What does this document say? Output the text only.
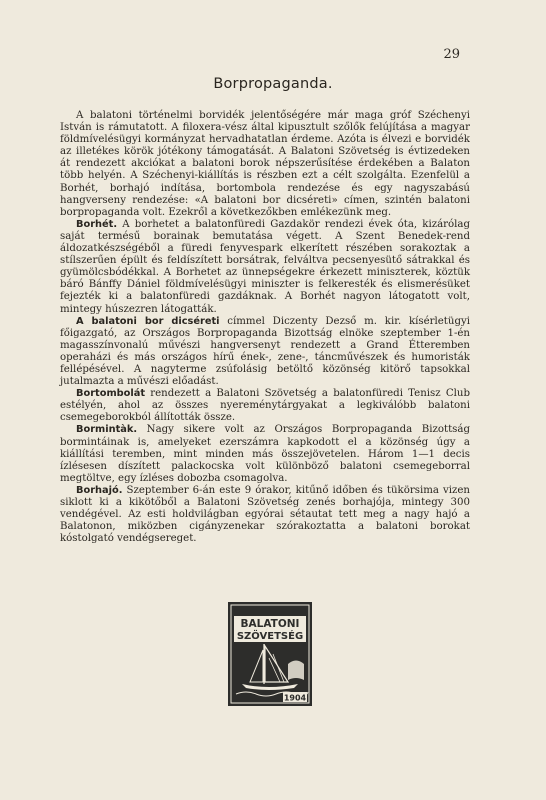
29
Borpropaganda.

A balatoni történelmi borvidék jelentőségére már maga gróf Széchenyi István is rámutatott. A filoxera-vész által kipusztult szőlők felújítása a magyar földmívelésügyi kormányzat hervadhatatlan érdeme. Azóta is élvezi e borvidék az illetékes körök jótékony támogatását. A Balatoni Szövetség is évtizedeken át rendezett akciókat a balatoni borok népszerűsítése érdekében a Balaton több helyén. A Széchenyi-kiállítás is részben ezt a célt szolgálta. Ezenfelül a Borhét, borhajó indítása, bortombola rendezése és egy nagyszabású hangverseny rendezése: «A balatoni bor dicséreti» címen, szintén balatoni borpropaganda volt. Ezekről a következőkben emlékezünk meg.

Borhét. A borhetet a balatonfüredi Gazdakör rendezi évek óta, kizárólag saját termésű borainak bemutatása végett. A Szent Benedek-rend áldozatkészségéből a füredi fenyvespark elkerített részében sorakoztak a stílszerűen épült és feldíszített borsátrak, felváltva pecsenyesütő sátrakkal és gyümölcsbódékkal. A Borhetet az ünnepségekre érkezett miniszterek, köztük báró Bánffy Dániel földmívelésügyi miniszter is felkeresték és elismerésüket fejezték ki a balatonfüredi gazdáknak. A Borhét nagyon látogatott volt, mintegy húszezren látogatták.

A balatoni bor dicséreti címmel Diczenty Dezső m. kir. kísérletügyi főigazgató, az Országos Borpropaganda Bizottság elnöke szeptember 1-én magasszínvonalú művészi hangversenyt rendezett a Grand Étteremben operaházi és más országos hírű ének-, zene-, táncművészek és humoristák fellépésével. A nagyterme zsúfolásig betöltő közönség kitörő tapsokkal jutalmazta a művészi előadást.

Bortombolát rendezett a Balatoni Szövetség a balatonfüredi Tenisz Club estélyén, ahol az összes nyereménytárgyakat a legkiválóbb balatoni csemegeborokból állították össze.

Bormintàk. Nagy sikere volt az Országos Borpropaganda Bizottság bormintáinak is, amelyeket ezerszámra kapkodott el a közönség úgy a kiállítási teremben, mint minden más összejövetelen. Három 1—1 decis ízlésesen díszített palackocska volt különböző balatoni csemegeborral megtöltve, egy ízléses dobozba csomagolva.

Borhajó. Szeptember 6-án este 9 órakor, kitűnő időben és tükörsima vizen siklott ki a kikötőből a Balatoni Szövetség zenés borhajója, mintegy 300 vendégével. Az esti holdvilágban egyórai sétautat tett meg a nagy hajó a Balatonon, miközben cigányzenekar szórakoztatta a balatoni borokat kóstolgató vendégsereget.

BALATONI
SZÖVETSÉG
1904
